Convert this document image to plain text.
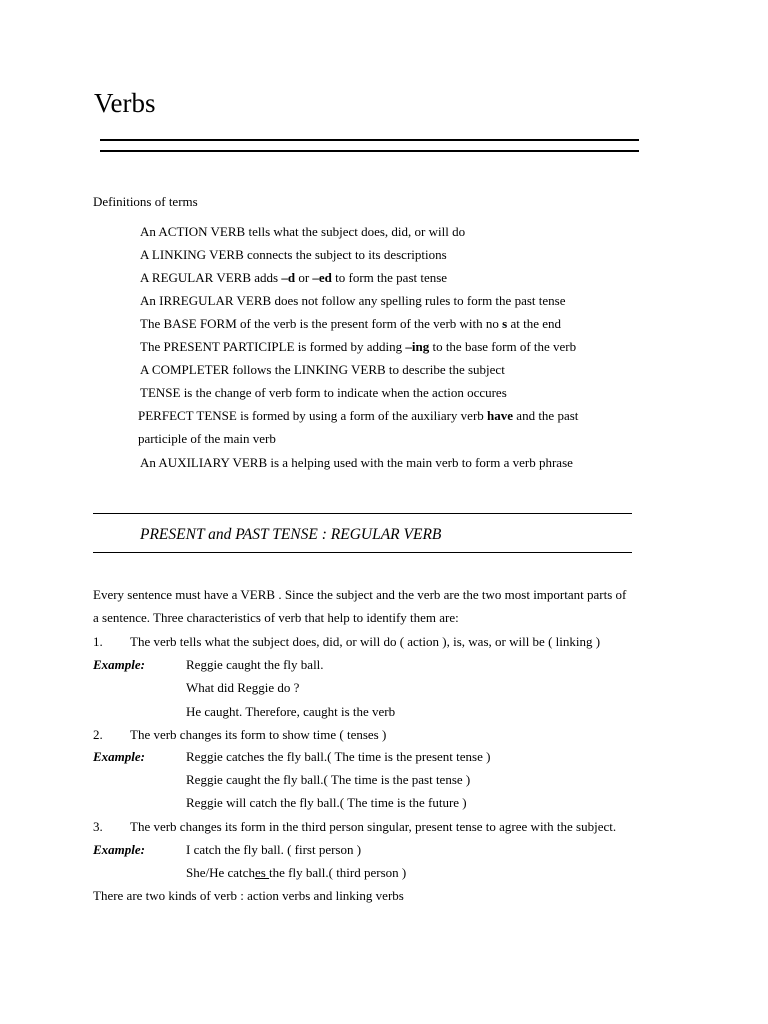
Verbs
Definitions of terms
An ACTION VERB tells what the subject does, did, or will do
A LINKING VERB connects the subject to its descriptions
A REGULAR VERB adds –d or –ed to form the past tense
An IRREGULAR VERB does not follow any spelling rules to form the past tense
The BASE FORM of the verb is the present form of the verb with no s at the end
The PRESENT PARTICIPLE is formed by adding –ing to the base form of the verb
A COMPLETER follows the LINKING VERB to describe the subject
TENSE is the change of verb form to indicate when the action occures
PERFECT TENSE is formed by using a form of the auxiliary verb have and the past
participle of the main verb
An AUXILIARY VERB is a helping used with the main verb to form a verb phrase
PRESENT and PAST TENSE : REGULAR VERB
Every sentence must have a VERB . Since the subject and the verb are the two most important parts of
a sentence. Three characteristics of verb that help to identify them are:
1. The verb tells what the subject does, did, or will do ( action ), is, was, or will be ( linking )
Example:	Reggie caught the fly ball.
What did Reggie do ?
He caught. Therefore, caught is the verb
2. The verb changes its form to show time ( tenses )
Example:	Reggie catches the fly ball.( The time is the present tense )
Reggie caught the fly ball.( The time is the past tense )
Reggie will catch the fly ball.( The time is the future )
3. The verb changes its form in the third person singular, present tense to agree with the subject.
Example:	I catch the fly ball. ( first person )
She/He catches the fly ball.( third person )
There are two kinds of verb : action verbs and linking verbs
